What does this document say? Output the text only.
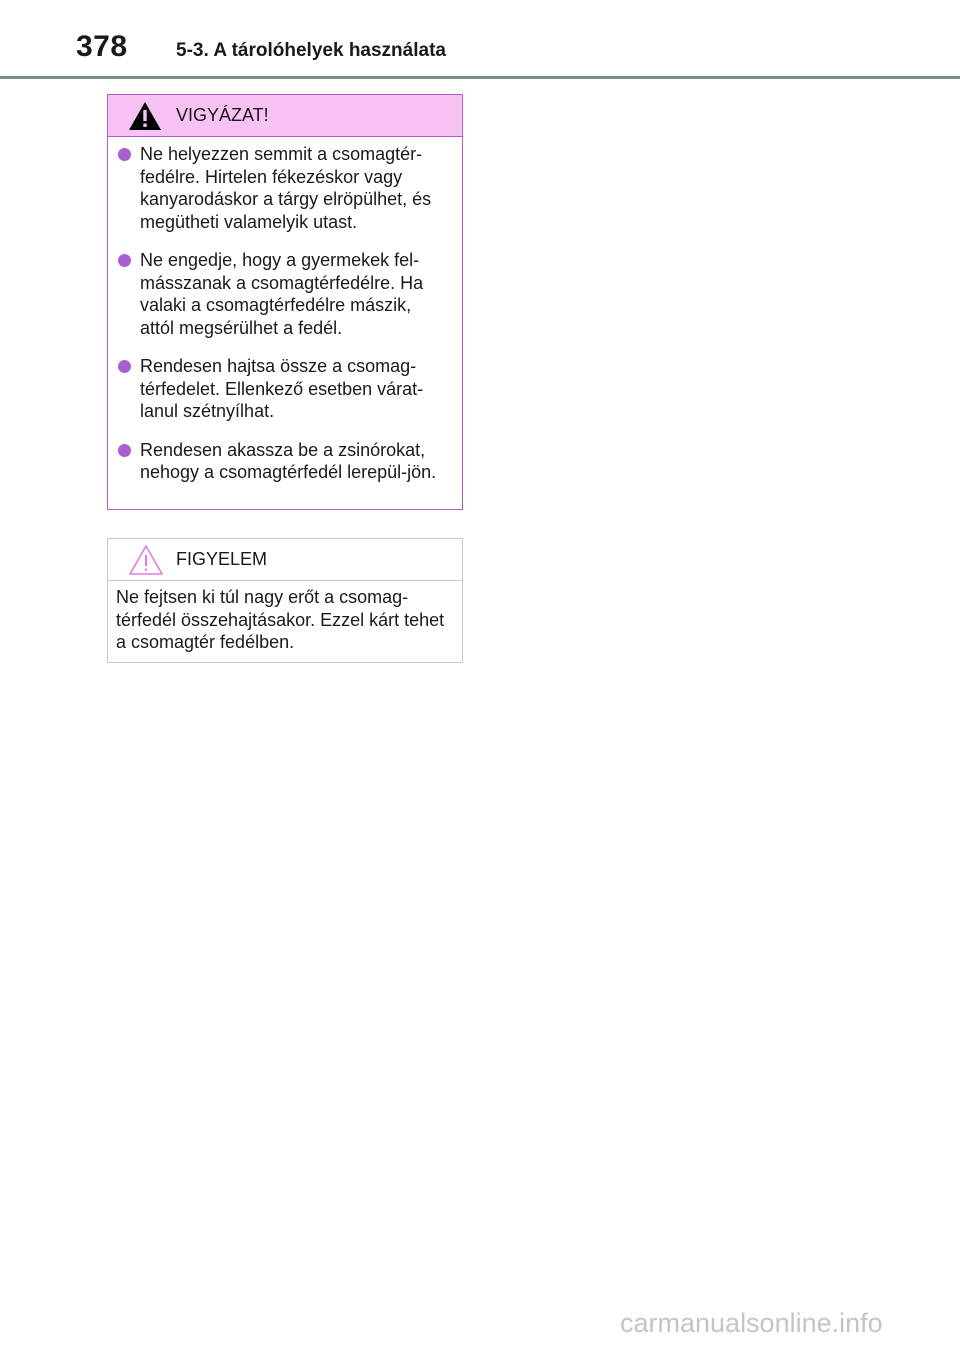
378	5-3. A tárolóhelyek használata
VIGYÁZAT!
Ne helyezzen semmit a csomagtér-fedélre. Hirtelen fékezéskor vagy kanyarodáskor a tárgy elröpülhet, és megütheti valamelyik utast.
Ne engedje, hogy a gyermekek fel-másszanak a csomagtérfedélre. Ha valaki a csomagtérfedélre mászik, attól megsérülhet a fedél.
Rendesen hajtsa össze a csomag-térfedelet. Ellenkező esetben várat-lanul szétnyílhat.
Rendesen akassza be a zsinórokat, nehogy a csomagtérfedél lerepül-jön.
FIGYELEM
Ne fejtsen ki túl nagy erőt a csomag-térfedél összehajtásakor. Ezzel kárt tehet a csomagtér fedélben.
carmanualsonline.info
